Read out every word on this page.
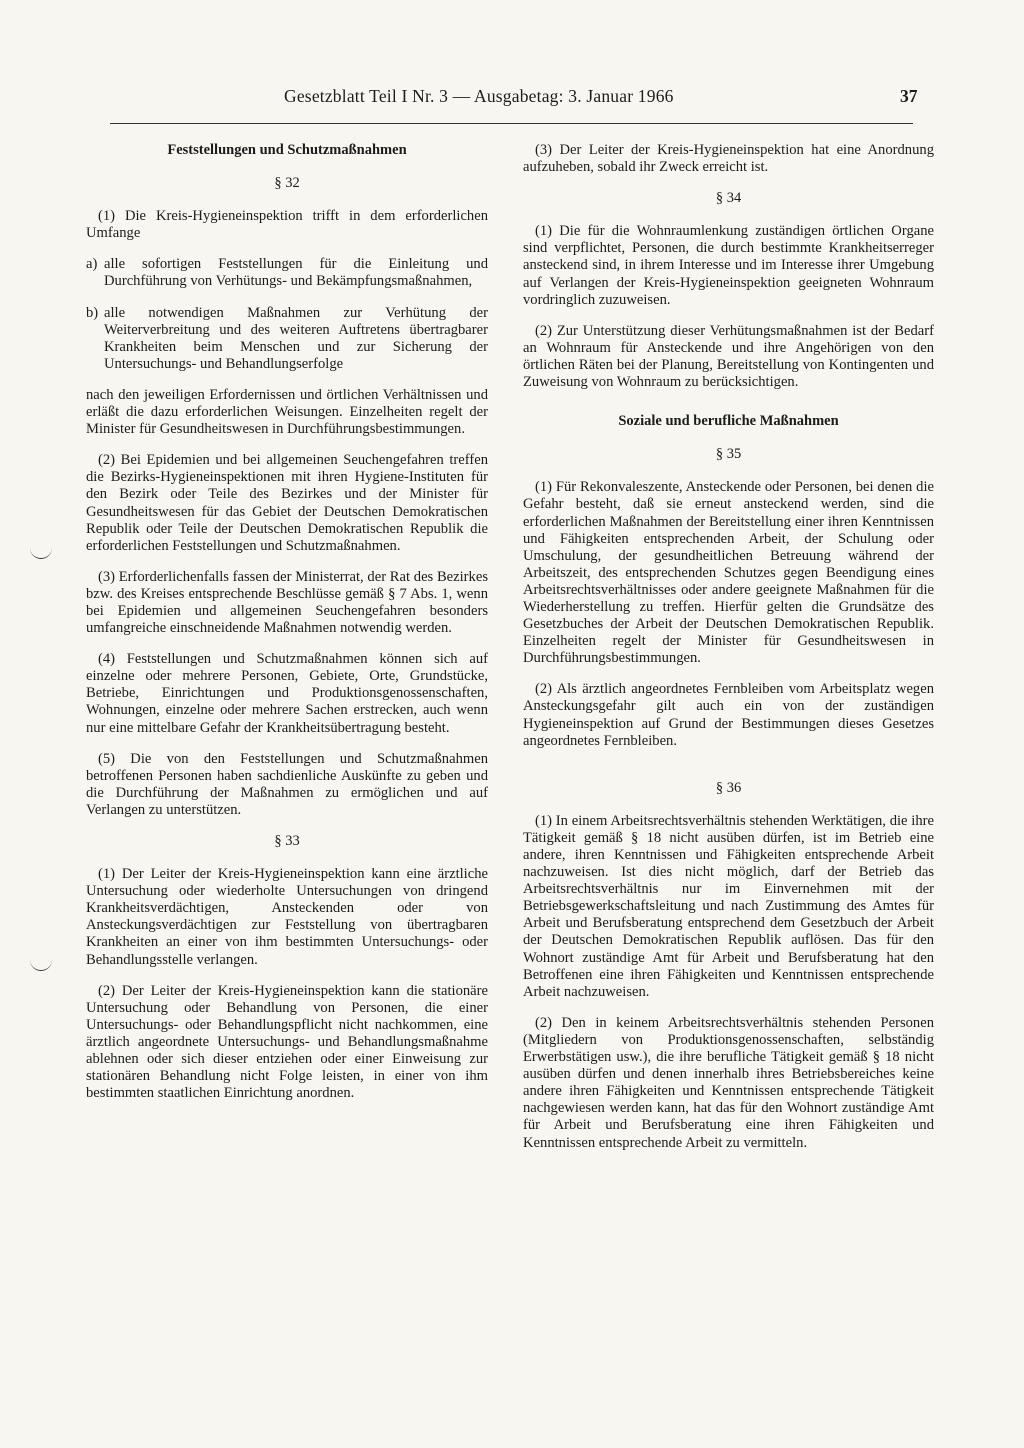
Gesetzblatt Teil I Nr. 3 — Ausgabetag: 3. Januar 1966	37
Feststellungen und Schutzmaßnahmen
§ 32

(1) Die Kreis-Hygieneinspektion trifft in dem erforderlichen Umfange

a) alle sofortigen Feststellungen für die Einleitung und Durchführung von Verhütungs- und Bekämpfungsmaßnahmen,
b) alle notwendigen Maßnahmen zur Verhütung der Weiterverbreitung und des weiteren Auftretens übertragbarer Krankheiten beim Menschen und zur Sicherung der Untersuchungs- und Behandlungserfolge

nach den jeweiligen Erfordernissen und örtlichen Verhältnissen und erläßt die dazu erforderlichen Weisungen. Einzelheiten regelt der Minister für Gesundheitswesen in Durchführungsbestimmungen.

(2) Bei Epidemien und bei allgemeinen Seuchengefahren treffen die Bezirks-Hygieneinspektionen mit ihren Hygiene-Instituten für den Bezirk oder Teile des Bezirkes und der Minister für Gesundheitswesen für das Gebiet der Deutschen Demokratischen Republik oder Teile der Deutschen Demokratischen Republik die erforderlichen Feststellungen und Schutzmaßnahmen.

(3) Erforderlichenfalls fassen der Ministerrat, der Rat des Bezirkes bzw. des Kreises entsprechende Beschlüsse gemäß § 7 Abs. 1, wenn bei Epidemien und allgemeinen Seuchengefahren besonders umfangreiche einschneidende Maßnahmen notwendig werden.

(4) Feststellungen und Schutzmaßnahmen können sich auf einzelne oder mehrere Personen, Gebiete, Orte, Grundstücke, Betriebe, Einrichtungen und Produktionsgenossenschaften, Wohnungen, einzelne oder mehrere Sachen erstrecken, auch wenn nur eine mittelbare Gefahr der Krankheitsübertragung besteht.

(5) Die von den Feststellungen und Schutzmaßnahmen betroffenen Personen haben sachdienliche Auskünfte zu geben und die Durchführung der Maßnahmen zu ermöglichen und auf Verlangen zu unterstützen.

§ 33

(1) Der Leiter der Kreis-Hygieneinspektion kann eine ärztliche Untersuchung oder wiederholte Untersuchungen von dringend Krankheitsverdächtigen, Ansteckenden oder von Ansteckungsverdächtigen zur Feststellung von übertragbaren Krankheiten an einer von ihm bestimmten Untersuchungs- oder Behandlungsstelle verlangen.

(2) Der Leiter der Kreis-Hygieneinspektion kann die stationäre Untersuchung oder Behandlung von Personen, die einer Untersuchungs- oder Behandlungspflicht nicht nachkommen, eine ärztlich angeordnete Untersuchungs- und Behandlungsmaßnahme ablehnen oder sich dieser entziehen oder einer Einweisung zur stationären Behandlung nicht Folge leisten, in einer von ihm bestimmten staatlichen Einrichtung anordnen.

(3) Der Leiter der Kreis-Hygieneinspektion hat eine Anordnung aufzuheben, sobald ihr Zweck erreicht ist.

§ 34

(1) Die für die Wohnraumlenkung zuständigen örtlichen Organe sind verpflichtet, Personen, die durch bestimmte Krankheitserreger ansteckend sind, in ihrem Interesse und im Interesse ihrer Umgebung auf Verlangen der Kreis-Hygieneinspektion geeigneten Wohnraum vordringlich zuzuweisen.

(2) Zur Unterstützung dieser Verhütungsmaßnahmen ist der Bedarf an Wohnraum für Ansteckende und ihre Angehörigen von den örtlichen Räten bei der Planung, Bereitstellung von Kontingenten und Zuweisung von Wohnraum zu berücksichtigen.

Soziale und berufliche Maßnahmen
§ 35

(1) Für Rekonvaleszente, Ansteckende oder Personen, bei denen die Gefahr besteht, daß sie erneut ansteckend werden, sind die erforderlichen Maßnahmen der Bereitstellung einer ihren Kenntnissen und Fähigkeiten entsprechenden Arbeit, der Schulung oder Umschulung, der gesundheitlichen Betreuung während der Arbeitszeit, des entsprechenden Schutzes gegen Beendigung eines Arbeitsrechtsverhältnisses oder andere geeignete Maßnahmen für die Wiederherstellung zu treffen. Hierfür gelten die Grundsätze des Gesetzbuches der Arbeit der Deutschen Demokratischen Republik. Einzelheiten regelt der Minister für Gesundheitswesen in Durchführungsbestimmungen.

(2) Als ärztlich angeordnetes Fernbleiben vom Arbeitsplatz wegen Ansteckungsgefahr gilt auch ein von der zuständigen Hygieneinspektion auf Grund der Bestimmungen dieses Gesetzes angeordnetes Fernbleiben.

§ 36

(1) In einem Arbeitsrechtsverhältnis stehenden Werktätigen, die ihre Tätigkeit gemäß § 18 nicht ausüben dürfen, ist im Betrieb eine andere, ihren Kenntnissen und Fähigkeiten entsprechende Arbeit nachzuweisen. Ist dies nicht möglich, darf der Betrieb das Arbeitsrechtsverhältnis nur im Einvernehmen mit der Betriebsgewerkschaftsleitung und nach Zustimmung des Amtes für Arbeit und Berufsberatung entsprechend dem Gesetzbuch der Arbeit der Deutschen Demokratischen Republik auflösen. Das für den Wohnort zuständige Amt für Arbeit und Berufsberatung hat den Betroffenen eine ihren Fähigkeiten und Kenntnissen entsprechende Arbeit nachzuweisen.

(2) Den in keinem Arbeitsrechtsverhältnis stehenden Personen (Mitgliedern von Produktionsgenossenschaften, selbständig Erwerbstätigen usw.), die ihre berufliche Tätigkeit gemäß § 18 nicht ausüben dürfen und denen innerhalb ihres Betriebsbereiches keine andere ihren Fähigkeiten und Kenntnissen entsprechende Tätigkeit nachgewiesen werden kann, hat das für den Wohnort zuständige Amt für Arbeit und Berufsberatung eine ihren Fähigkeiten und Kenntnissen entsprechende Arbeit zu vermitteln.
